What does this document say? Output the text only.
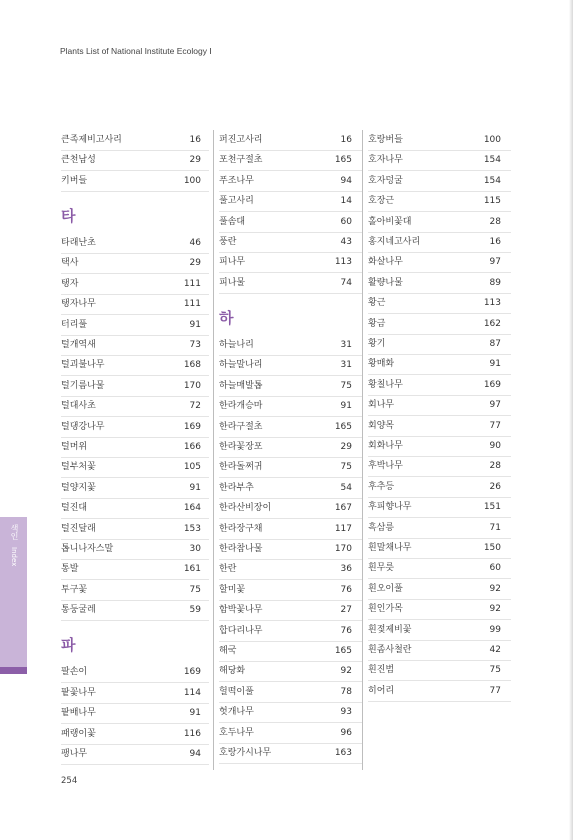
Plants List of National Institute Ecology Ⅰ
색인 Index
큰족제비고사리	16
큰천남성	29
키버들	100
타
타래난초	46
택사	29
탱자	111
탱자나무	111
터리풀	91
털개역새	73
털괴불나무	168
털기름나물	170
털대사초	72
털댕강나무	169
털머위	166
털부처꽃	105
털양지꽃	91
털진대	164
털진달래	153
톱니나자스말	30
통발	161
투구꽃	75
통둥굴레	59
파
팔손이	169
팥꽃나무	114
팥배나무	91
패랭이꽃	116
팽나무	94
퍼진고사리	16
포천구절초	165
푸조나무	94
풀고사리	14
풀솜대	60
풍란	43
피나무	113
피나물	74
하
하늘나리	31
하늘말나리	31
하늘매발톱	75
한라개승마	91
한라구절초	165
한라꽃장포	29
한라돌쩌귀	75
한라부추	54
한라산비장이	167
한라장구채	117
한라참나물	170
한란	36
할미꽃	76
함박꽃나무	27
합다리나무	76
해국	165
해당화	92
헐떡이풀	78
헛개나무	93
호두나무	96
호랑가시나무	163
호랑버들	100
호자나무	154
호자덩굴	154
호장근	115
홀아비꽃대	28
홍지네고사리	16
화살나무	97
활량나물	89
황근	113
황금	162
황기	87
황매화	91
황칠나무	169
회나무	97
회양목	77
회화나무	90
후박나무	28
후추등	26
후피향나무	151
흑삼릉	71
흰말채나무	150
흰무릇	60
흰오이풀	92
흰인가목	92
흰젖제비꽃	99
흰좀사철란	42
흰진범	75
히어리	77
254
